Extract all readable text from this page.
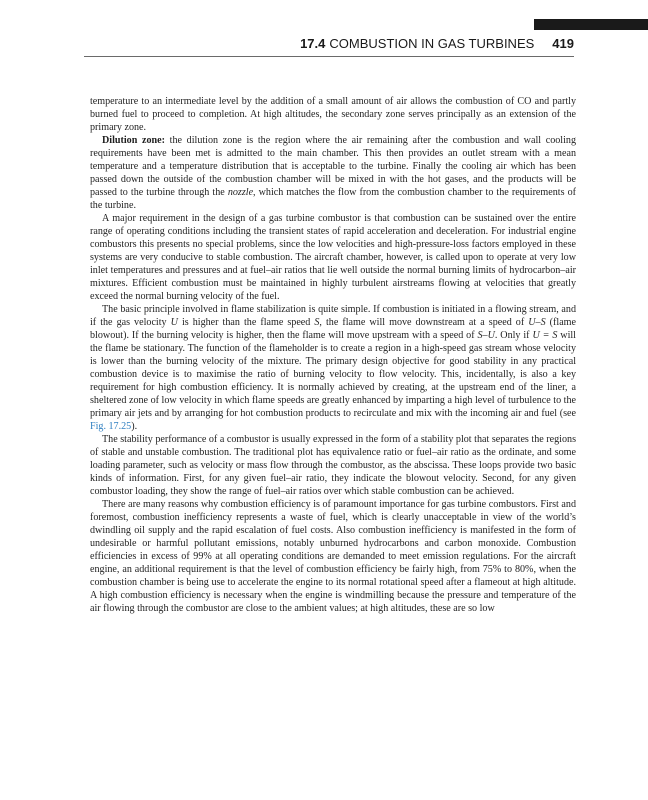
17.4 COMBUSTION IN GAS TURBINES 419

temperature to an intermediate level by the addition of a small amount of air allows the combustion of CO and partly burned fuel to proceed to completion. At high altitudes, the secondary zone serves principally as an extension of the primary zone.

Dilution zone: the dilution zone is the region where the air remaining after the combustion and wall cooling requirements have been met is admitted to the main chamber. This then provides an outlet stream with a mean temperature and a temperature distribution that is acceptable to the turbine. Finally the cooling air which has been passed down the outside of the combustion chamber will be mixed in with the hot gases, and the products will be passed to the turbine through the nozzle, which matches the flow from the combustion chamber to the requirements of the turbine.

A major requirement in the design of a gas turbine combustor is that combustion can be sustained over the entire range of operating conditions including the transient states of rapid acceleration and deceleration. For industrial engine combustors this presents no special problems, since the low velocities and high-pressure-loss factors employed in these systems are very conducive to stable combustion. The aircraft chamber, however, is called upon to operate at very low inlet temperatures and pressures and at fuel–air ratios that lie well outside the normal burning limits of hydrocarbon–air mixtures. Efficient combustion must be maintained in highly turbulent airstreams flowing at velocities that greatly exceed the normal burning velocity of the fuel.

The basic principle involved in flame stabilization is quite simple. If combustion is initiated in a flowing stream, and if the gas velocity U is higher than the flame speed S, the flame will move downstream at a speed of U–S (flame blowout). If the burning velocity is higher, then the flame will move upstream with a speed of S–U. Only if U = S will the flame be stationary. The function of the flameholder is to create a region in a high-speed gas stream whose velocity is lower than the burning velocity of the mixture. The primary design objective for good stability in any practical combustion device is to maximise the ratio of burning velocity to flow velocity. This, incidentally, is also a key requirement for high combustion efficiency. It is normally achieved by creating, at the upstream end of the liner, a sheltered zone of low velocity in which flame speeds are greatly enhanced by imparting a high level of turbulence to the primary air jets and by arranging for hot combustion products to recirculate and mix with the incoming air and fuel (see Fig. 17.25).

The stability performance of a combustor is usually expressed in the form of a stability plot that separates the regions of stable and unstable combustion. The traditional plot has equivalence ratio or fuel–air ratio as the ordinate, and some loading parameter, such as velocity or mass flow through the combustor, as the abscissa. These loops provide two basic kinds of information. First, for any given fuel–air ratio, they indicate the blowout velocity. Second, for any given combustor loading, they show the range of fuel–air ratios over which stable combustion can be achieved.

There are many reasons why combustion efficiency is of paramount importance for gas turbine combustors. First and foremost, combustion inefficiency represents a waste of fuel, which is clearly unacceptable in view of the world’s dwindling oil supply and the rapid escalation of fuel costs. Also combustion inefficiency is manifested in the form of undesirable or harmful pollutant emissions, notably unburned hydrocarbons and carbon monoxide. Combustion efficiencies in excess of 99% at all operating conditions are demanded to meet emission regulations. For the aircraft engine, an additional requirement is that the level of combustion efficiency be fairly high, from 75% to 80%, when the combustion chamber is being use to accelerate the engine to its normal rotational speed after a flameout at high altitude. A high combustion efficiency is necessary when the engine is windmilling because the pressure and temperature of the air flowing through the combustor are close to the ambient values; at high altitudes, these are so low
